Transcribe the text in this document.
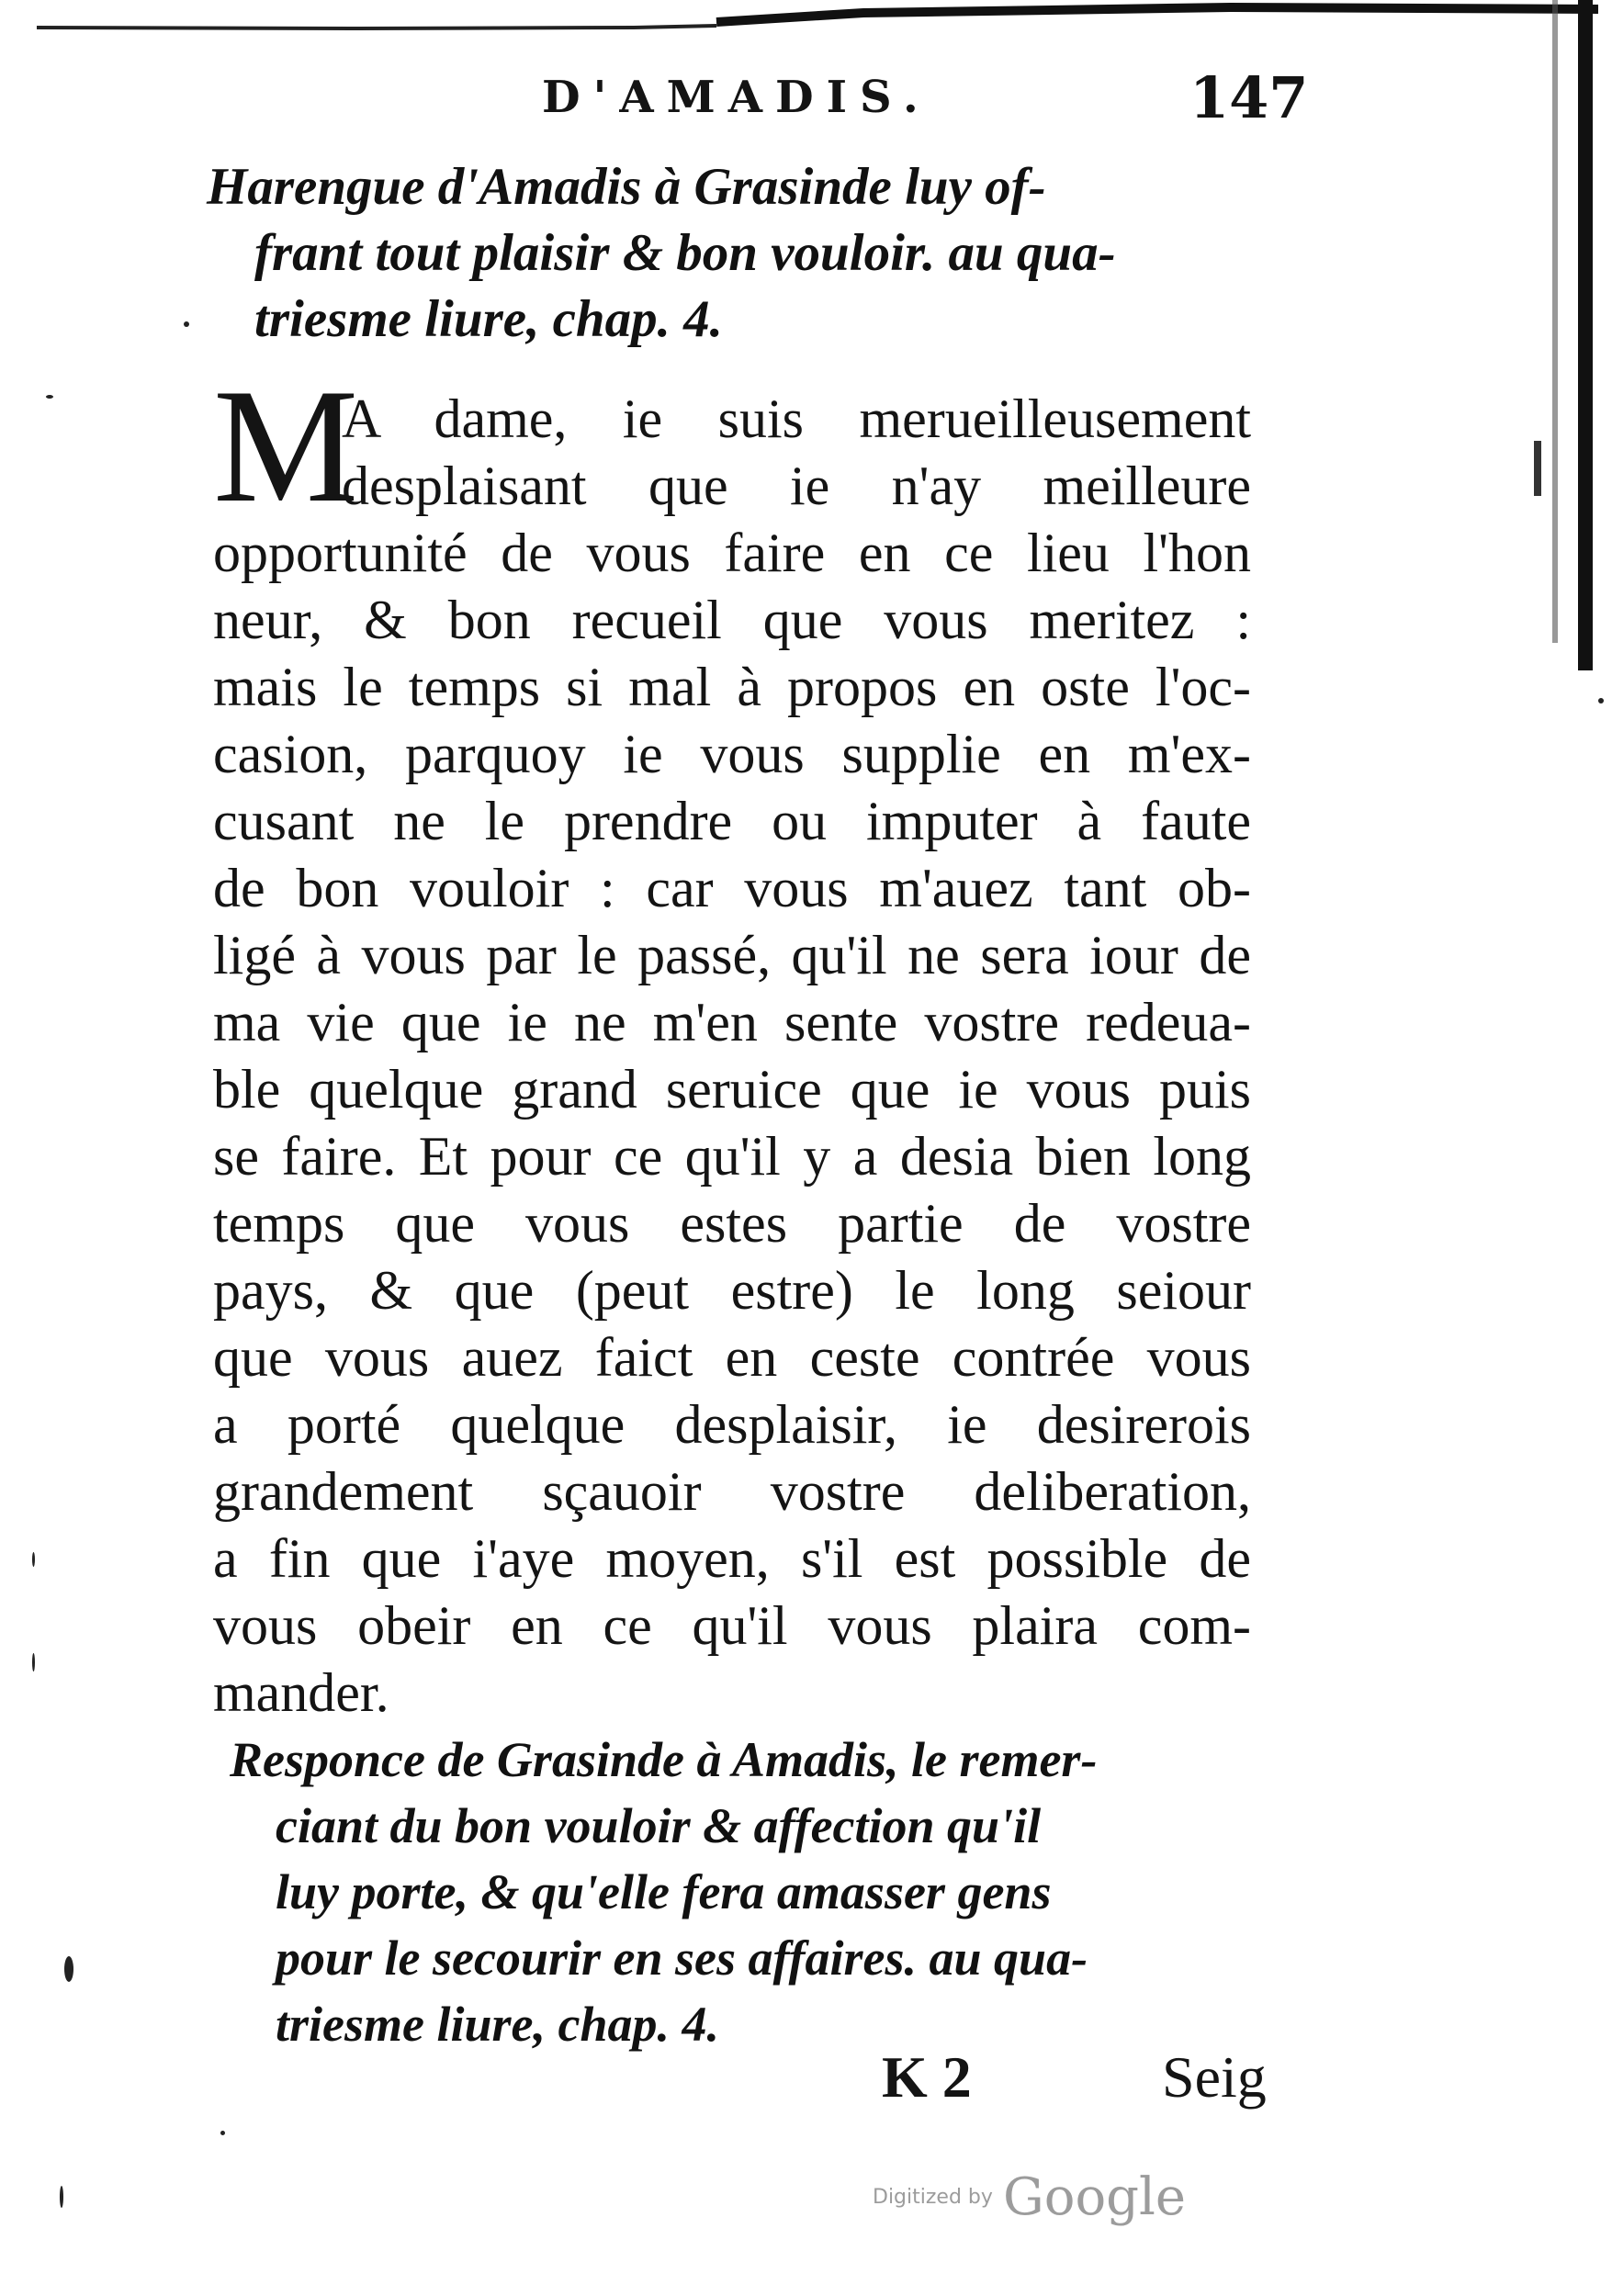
D'AMADIS.	147
Harengue d'Amadis à Grasinde luy of-
frant tout plaisir & bon vouloir. au qua-
triesme liure, chap. 4.
M
A dame, ie suis merueilleusement
desplaisant que ie n'ay meilleure
opportunité de vous faire en ce lieu l'hon
neur, & bon recueil que vous meritez :
mais le temps si mal à propos en oste l'oc-
casion, parquoy ie vous supplie en m'ex-
cusant ne le prendre ou imputer à faute
de bon vouloir : car vous m'auez tant ob-
ligé à vous par le passé, qu'il ne sera iour de
ma vie que ie ne m'en sente vostre redeua-
ble quelque grand seruice que ie vous puis
se faire. Et pour ce qu'il y a desia bien long
temps que vous estes partie de vostre
pays, & que (peut estre) le long seiour
que vous auez faict en ceste contrée vous
a porté quelque desplaisir, ie desirerois
grandement sçauoir vostre deliberation,
a fin que i'aye moyen, s'il est possible de
vous obeir en ce qu'il vous plaira com-
mander.
Responce de Grasinde à Amadis, le remer-
ciant du bon vouloir & affection qu'il
luy porte, & qu'elle fera amasser gens
pour le secourir en ses affaires. au qua-
triesme liure, chap. 4.
K 2	Seig
Digitized by Google
